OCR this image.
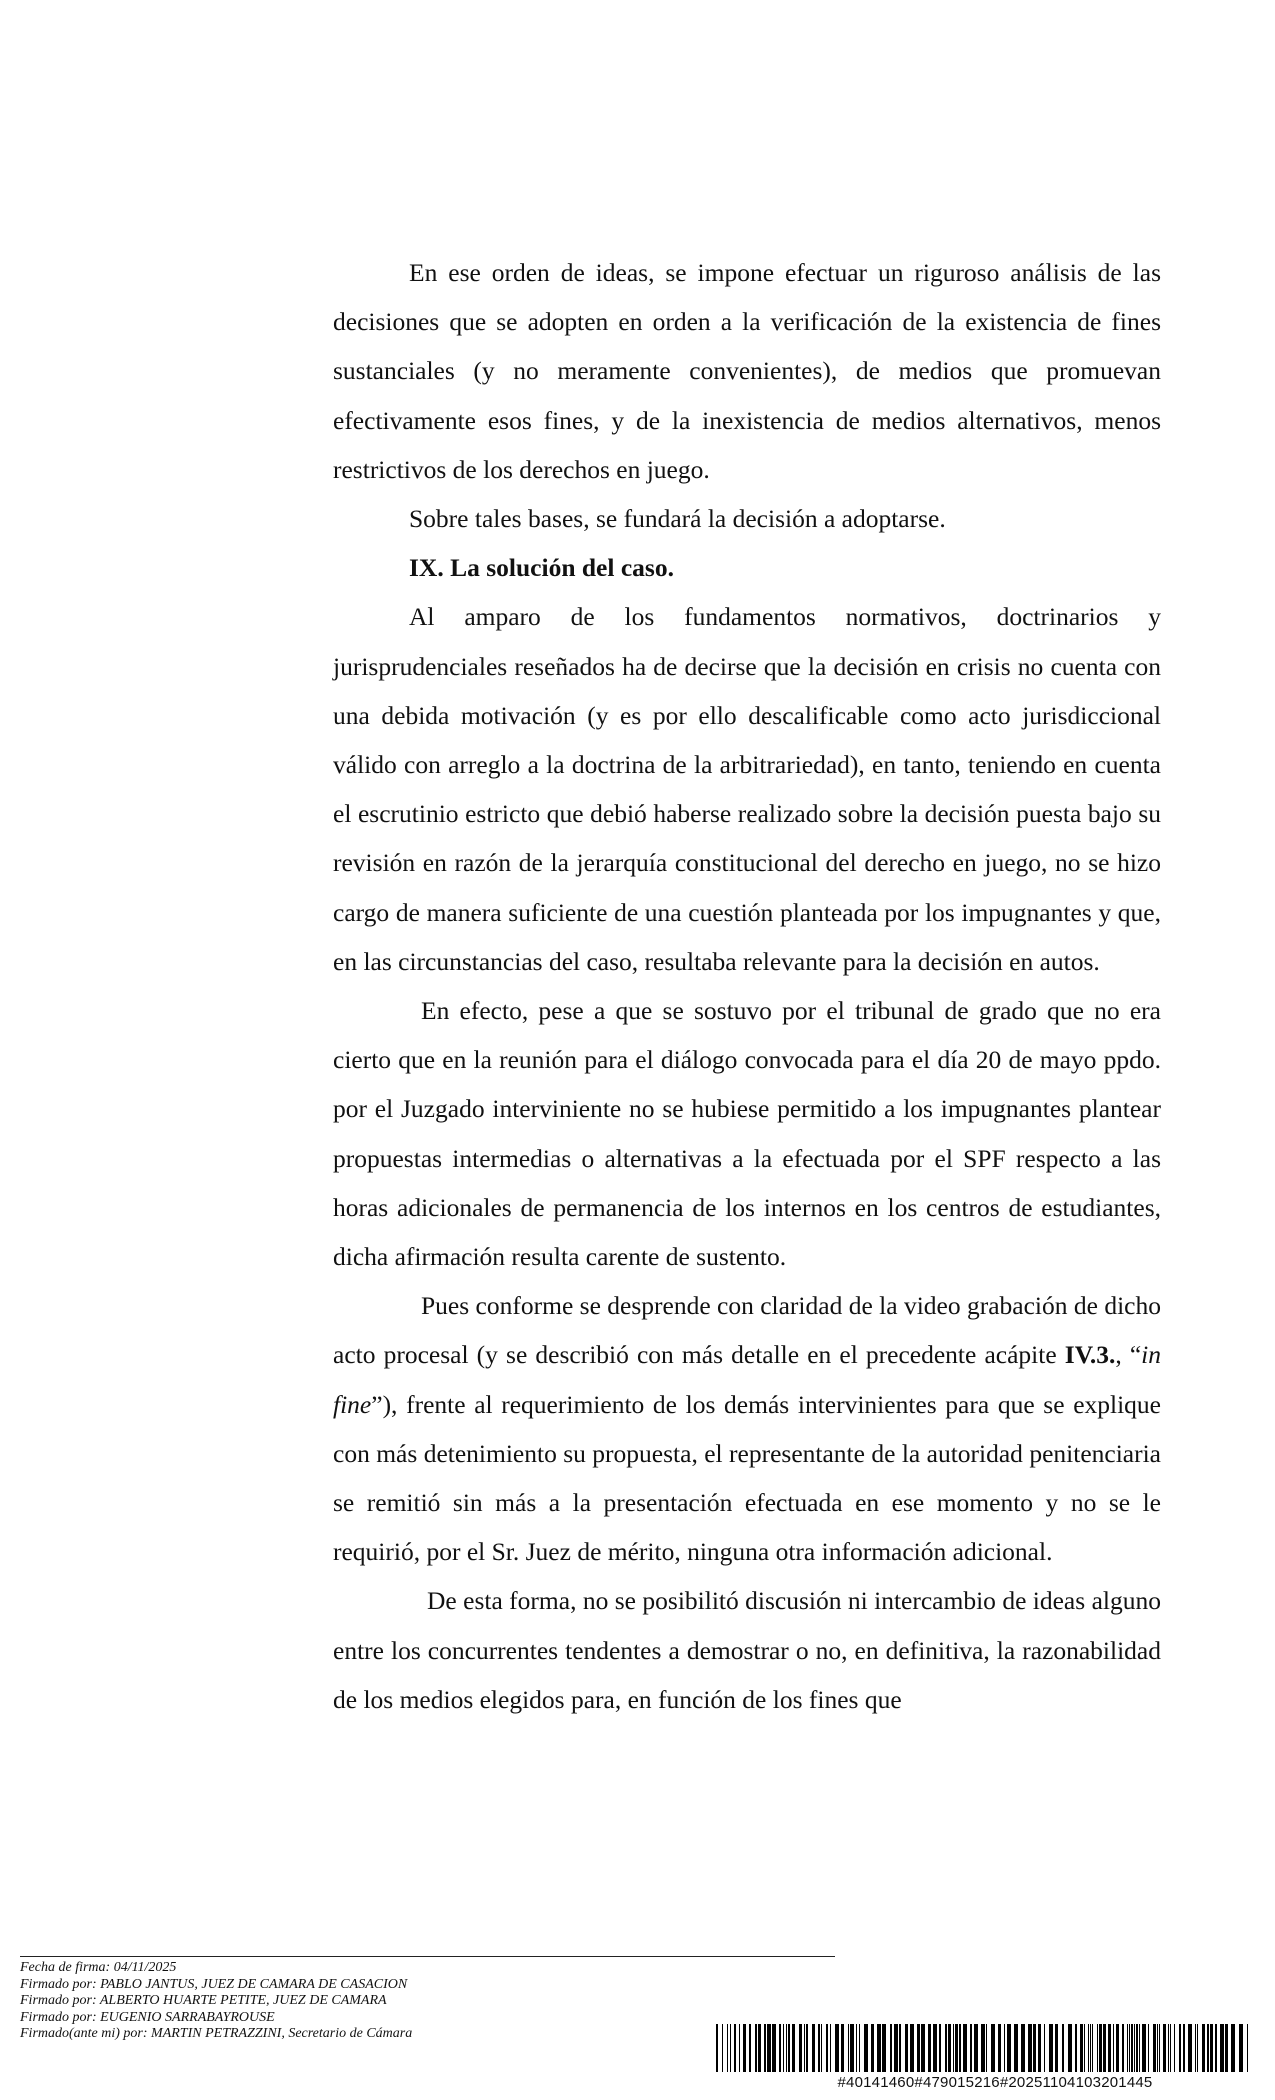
En ese orden de ideas, se impone efectuar un riguroso análisis de las decisiones que se adopten en orden a la verificación de la existencia de fines sustanciales (y no meramente convenientes), de medios que promuevan efectivamente esos fines, y de la inexistencia de medios alternativos, menos restrictivos de los derechos en juego.

Sobre tales bases, se fundará la decisión a adoptarse.

IX. La solución del caso.

Al amparo de los fundamentos normativos, doctrinarios y jurisprudenciales reseñados ha de decirse que la decisión en crisis no cuenta con una debida motivación (y es por ello descalificable como acto jurisdiccional válido con arreglo a la doctrina de la arbitrariedad), en tanto, teniendo en cuenta el escrutinio estricto que debió haberse realizado sobre la decisión puesta bajo su revisión en razón de la jerarquía constitucional del derecho en juego, no se hizo cargo de manera suficiente de una cuestión planteada por los impugnantes y que, en las circunstancias del caso, resultaba relevante para la decisión en autos.

En efecto, pese a que se sostuvo por el tribunal de grado que no era cierto que en la reunión para el diálogo convocada para el día 20 de mayo ppdo. por el Juzgado interviniente no se hubiese permitido a los impugnantes plantear propuestas intermedias o alternativas a la efectuada por el SPF respecto a las horas adicionales de permanencia de los internos en los centros de estudiantes, dicha afirmación resulta carente de sustento.

Pues conforme se desprende con claridad de la video grabación de dicho acto procesal (y se describió con más detalle en el precedente acápite IV.3., “in fine”), frente al requerimiento de los demás intervinientes para que se explique con más detenimiento su propuesta, el representante de la autoridad penitenciaria se remitió sin más a la presentación efectuada en ese momento y no se le requirió, por el Sr. Juez de mérito, ninguna otra información adicional.

De esta forma, no se posibilitó discusión ni intercambio de ideas alguno entre los concurrentes tendentes a demostrar o no, en definitiva, la razonabilidad de los medios elegidos para, en función de los fines que

Fecha de firma: 04/11/2025
Firmado por: PABLO JANTUS, JUEZ DE CAMARA DE CASACION
Firmado por: ALBERTO HUARTE PETITE, JUEZ DE CAMARA
Firmado por: EUGENIO SARRABAYROUSE
Firmado(ante mi) por: MARTIN PETRAZZINI, Secretario de Cámara
#40141460#479015216#20251104103201445
